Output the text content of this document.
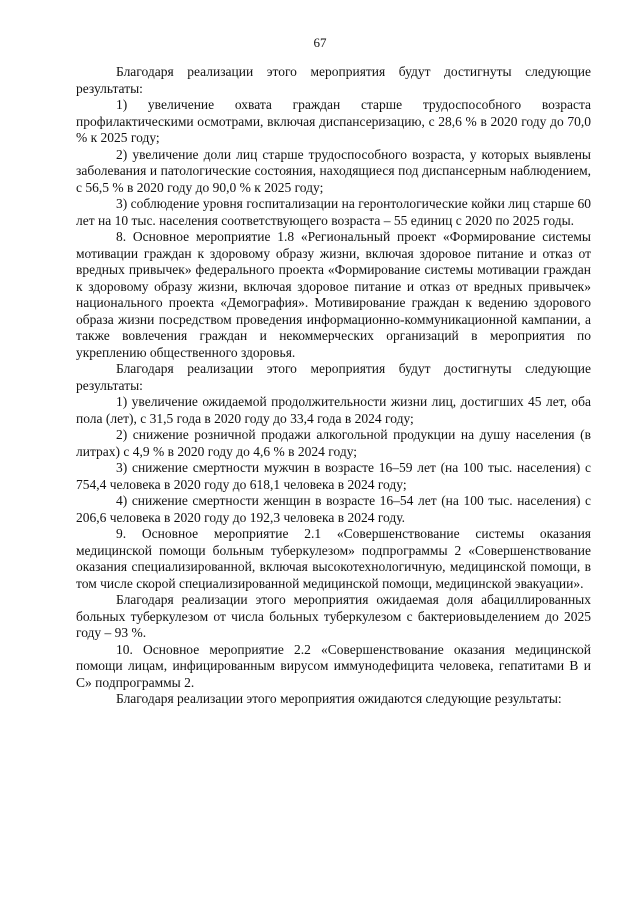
67

Благодаря реализации этого мероприятия будут достигнуты следующие результаты:

1) увеличение охвата граждан старше трудоспособного возраста профилактическими осмотрами, включая диспансеризацию, с 28,6 % в 2020 году до 70,0 % к 2025 году;

2) увеличение доли лиц старше трудоспособного возраста, у которых выявлены заболевания и патологические состояния, находящиеся под диспансерным наблюдением, с 56,5 % в 2020 году до 90,0 % к 2025 году;

3) соблюдение уровня госпитализации на геронтологические койки лиц старше 60 лет на 10 тыс. населения соответствующего возраста – 55 единиц с 2020 по 2025 годы.

8. Основное мероприятие 1.8 «Региональный проект «Формирование системы мотивации граждан к здоровому образу жизни, включая здоровое питание и отказ от вредных привычек» федерального проекта «Формирование системы мотивации граждан к здоровому образу жизни, включая здоровое питание и отказ от вредных привычек» национального проекта «Демография». Мотивирование граждан к ведению здорового образа жизни посредством проведения информационно-коммуникационной кампании, а также вовлечения граждан и некоммерческих организаций в мероприятия по укреплению общественного здоровья.

Благодаря реализации этого мероприятия будут достигнуты следующие результаты:

1) увеличение ожидаемой продолжительности жизни лиц, достигших 45 лет, оба пола (лет), с 31,5 года в 2020 году до 33,4 года в 2024 году;

2) снижение розничной продажи алкогольной продукции на душу населения (в литрах) с 4,9 % в 2020 году до 4,6 % в 2024 году;

3) снижение смертности мужчин в возрасте 16–59 лет (на 100 тыс. населения) с 754,4 человека в 2020 году до 618,1 человека в 2024 году;

4) снижение смертности женщин в возрасте 16–54 лет (на 100 тыс. населения) с 206,6 человека в 2020 году до 192,3 человека в 2024 году.

9. Основное мероприятие 2.1 «Совершенствование системы оказания медицинской помощи больным туберкулезом» подпрограммы 2 «Совершенствование оказания специализированной, включая высокотехнологичную, медицинской помощи, в том числе скорой специализированной медицинской помощи, медицинской эвакуации».

Благодаря реализации этого мероприятия ожидаемая доля абациллированных больных туберкулезом от числа больных туберкулезом с бактериовыделением до 2025 году – 93 %.

10. Основное мероприятие 2.2 «Совершенствование оказания медицинской помощи лицам, инфицированным вирусом иммунодефицита человека, гепатитами В и С» подпрограммы 2.

Благодаря реализации этого мероприятия ожидаются следующие результаты:
